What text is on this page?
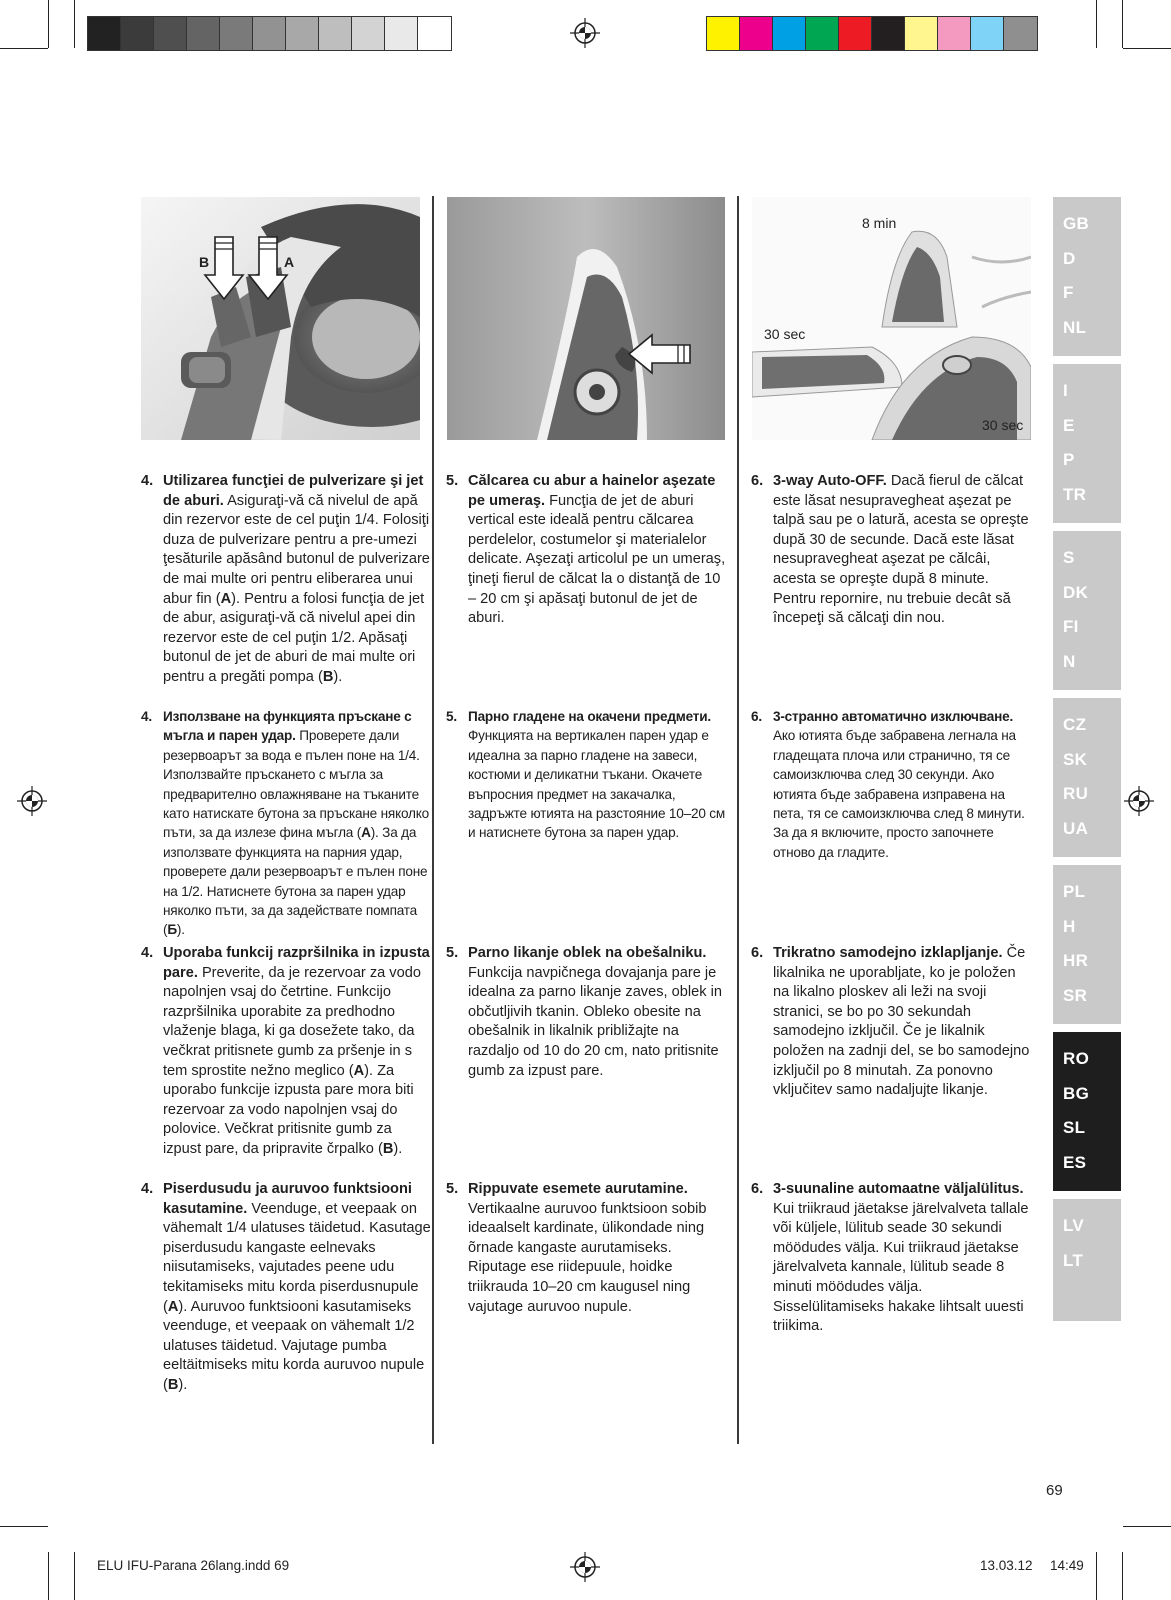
B	A
8 min
30 sec
30 sec
4. Utilizarea funcţiei de pulverizare şi jet de aburi. Asiguraţi-vă că nivelul de apă din rezervor este de cel puţin 1/4. Folosiţi duza de pulverizare pentru a pre-umezi ţesăturile apăsând butonul de pulverizare de mai multe ori pentru eliberarea unui abur fin (A). Pentru a folosi funcţia de jet de abur, asiguraţi-vă că nivelul apei din rezervor este de cel puţin 1/2. Apăsaţi butonul de jet de aburi de mai multe ori pentru a pregăti pompa (B).
4. Използване на функцията пръскане с мъгла и парен удар. Проверете дали резервоарът за вода е пълен поне на 1/4. Използвайте пръскането с мъгла за предварително овлажняване на тъканите като натискате бутона за пръскане няколко пъти, за да излезе фина мъгла (A). За да използвате функцията на парния удар, проверете дали резервоарът е пълен поне на 1/2. Натиснете бутона за парен удар няколко пъти, за да задействате помпата (Б).
4. Uporaba funkcij razpršilnika in izpusta pare. Preverite, da je rezervoar za vodo napolnjen vsaj do četrtine. Funkcijo razpršilnika uporabite za predhodno vlaženje blaga, ki ga dosežete tako, da večkrat pritisnete gumb za pršenje in s tem sprostite nežno meglico (A). Za uporabo funkcije izpusta pare mora biti rezervoar za vodo napolnjen vsaj do polovice. Večkrat pritisnite gumb za izpust pare, da pripravite črpalko (B).
4. Piserdusudu ja auruvoo funktsiooni kasutamine. Veenduge, et veepaak on vähemalt 1/4 ulatuses täidetud. Kasutage piserdusudu kangaste eelnevaks niisutamiseks, vajutades peene udu tekitamiseks mitu korda piserdusnupule (A). Auruvoo funktsiooni kasutamiseks veenduge, et veepaak on vähemalt 1/2 ulatuses täidetud. Vajutage pumba eeltäitmiseks mitu korda auruvoo nupule (B).
5. Călcarea cu abur a hainelor aşezate pe umeraş. Funcţia de jet de aburi vertical este ideală pentru călcarea perdelelor, costumelor şi materialelor delicate. Aşezaţi articolul pe un umeraş, ţineţi fierul de călcat la o distanţă de 10 – 20 cm şi apăsaţi butonul de jet de aburi.
5. Парно гладене на окачени предмети. Функцията на вертикален парен удар е идеална за парно гладене на завеси, костюми и деликатни тъкани. Окачете въпросния предмет на закачалка, задръжте ютията на разстояние 10–20 см и натиснете бутона за парен удар.
5. Parno likanje oblek na obešalniku. Funkcija navpičnega dovajanja pare je idealna za parno likanje zaves, oblek in občutljivih tkanin. Obleko obesite na obešalnik in likalnik približajte na razdaljo od 10 do 20 cm, nato pritisnite gumb za izpust pare.
5. Rippuvate esemete aurutamine. Vertikaalne auruvoo funktsioon sobib ideaalselt kardinate, ülikondade ning õrnade kangaste aurutamiseks. Riputage ese riidepuule, hoidke triikrauda 10–20 cm kaugusel ning vajutage auruvoo nupule.
6. 3-way Auto-OFF. Dacă fierul de călcat este lăsat nesupravegheat aşezat pe talpă sau pe o latură, acesta se opreşte după 30 de secunde. Dacă este lăsat nesupravegheat aşezat pe călcâi, acesta se opreşte după 8 minute. Pentru repornire, nu trebuie decât să începeţi să călcaţi din nou.
6. 3-странно автоматично изключване. Ако ютията бъде забравена легнала на гладещата плоча или странично, тя се самоизключва след 30 секунди. Ако ютията бъде забравена изправена на пета, тя се самоизключва след 8 минути. За да я включите, просто започнете отново да гладите.
6. Trikratno samodejno izklapljanje. Če likalnika ne uporabljate, ko je položen na likalno ploskev ali leži na svoji stranici, se bo po 30 sekundah samodejno izključil. Če je likalnik položen na zadnji del, se bo samodejno izključil po 8 minutah. Za ponovno vključitev samo nadaljujte likanje.
6. 3-suunaline automaatne väljalülitus. Kui triikraud jäetakse järelvalveta tallale või küljele, lülitub seade 30 sekundi möödudes välja. Kui triikraud jäetakse järelvalveta kannale, lülitub seade 8 minuti möödudes välja. Sisselülitamiseks hakake lihtsalt uuesti triikima.
GB
D
F
NL
I
E
P
TR
S
DK
FI
N
CZ
SK
RU
UA
PL
H
HR
SR
RO
BG
SL
ES
LV
LT
69
ELU IFU-Parana 26lang.indd 69	13.03.12 14:49
